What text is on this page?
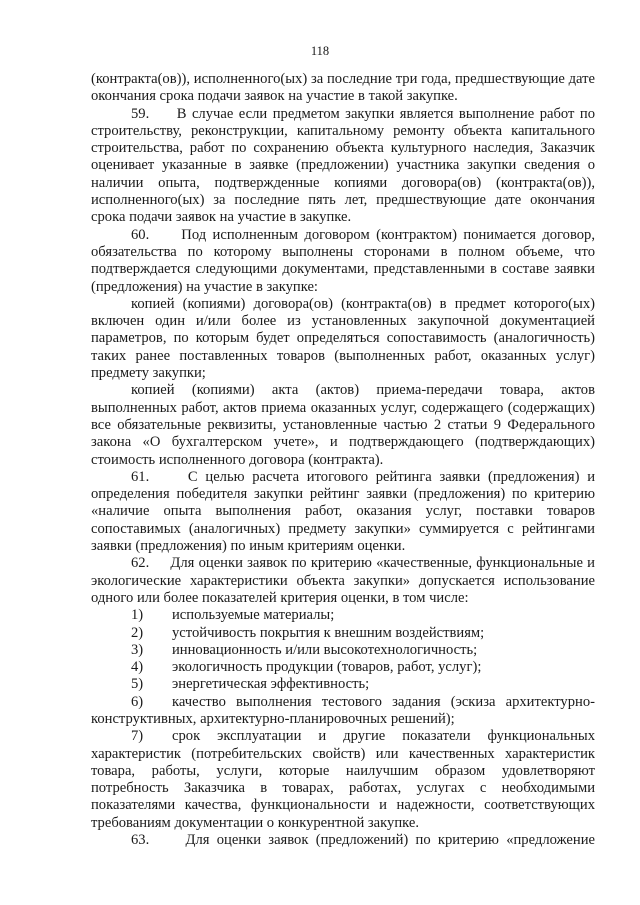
118

(контракта(ов)), исполненного(ых) за последние три года, предшествующие дате окончания срока подачи заявок на участие в такой закупке.

59.     В случае если предметом закупки является выполнение работ по строительству, реконструкции, капитальному ремонту объекта капитального строительства, работ по сохранению объекта культурного наследия, Заказчик оценивает указанные в заявке (предложении) участника закупки сведения о наличии опыта, подтвержденные копиями договора(ов) (контракта(ов)), исполненного(ых) за последние пять лет, предшествующие дате окончания срока подачи заявок на участие в закупке.

60.     Под исполненным договором (контрактом) понимается договор, обязательства по которому выполнены сторонами в полном объеме, что подтверждается следующими документами, представленными в составе заявки (предложения) на участие в закупке:

копией (копиями) договора(ов) (контракта(ов) в предмет которого(ых) включен один и/или более из установленных закупочной документацией параметров, по которым будет определяться сопоставимость (аналогичность) таких ранее поставленных товаров (выполненных работ, оказанных услуг) предмету закупки;

копией (копиями) акта (актов) приема-передачи товара, актов выполненных работ, актов приема оказанных услуг, содержащего (содержащих) все обязательные реквизиты, установленные частью 2 статьи 9 Федерального закона «О бухгалтерском учете», и подтверждающего (подтверждающих) стоимость исполненного договора (контракта).

61.     С целью расчета итогового рейтинга заявки (предложения) и определения победителя закупки рейтинг заявки (предложения) по критерию «наличие опыта выполнения работ, оказания услуг, поставки товаров сопоставимых (аналогичных) предмету закупки» суммируется с рейтингами заявки (предложения) по иным критериям оценки.

62.     Для оценки заявок по критерию «качественные, функциональные и экологические характеристики объекта закупки» допускается использование одного или более показателей критерия оценки, в том числе:

1) используемые материалы;
2) устойчивость покрытия к внешним воздействиям;
3) инновационность и/или высокотехнологичность;
4) экологичность продукции (товаров, работ, услуг);
5) энергетическая эффективность;

6) качество выполнения тестового задания (эскиза архитектурно-конструктивных, архитектурно-планировочных решений);

7) срок эксплуатации и другие показатели функциональных характеристик (потребительских свойств) или качественных характеристик товара, работы, услуги, которые наилучшим образом удовлетворяют потребность Заказчика в товарах, работах, услугах с необходимыми показателями качества, функциональности и надежности, соответствующих требованиям документации о конкурентной закупке.

63.     Для оценки заявок (предложений) по критерию «предложение
